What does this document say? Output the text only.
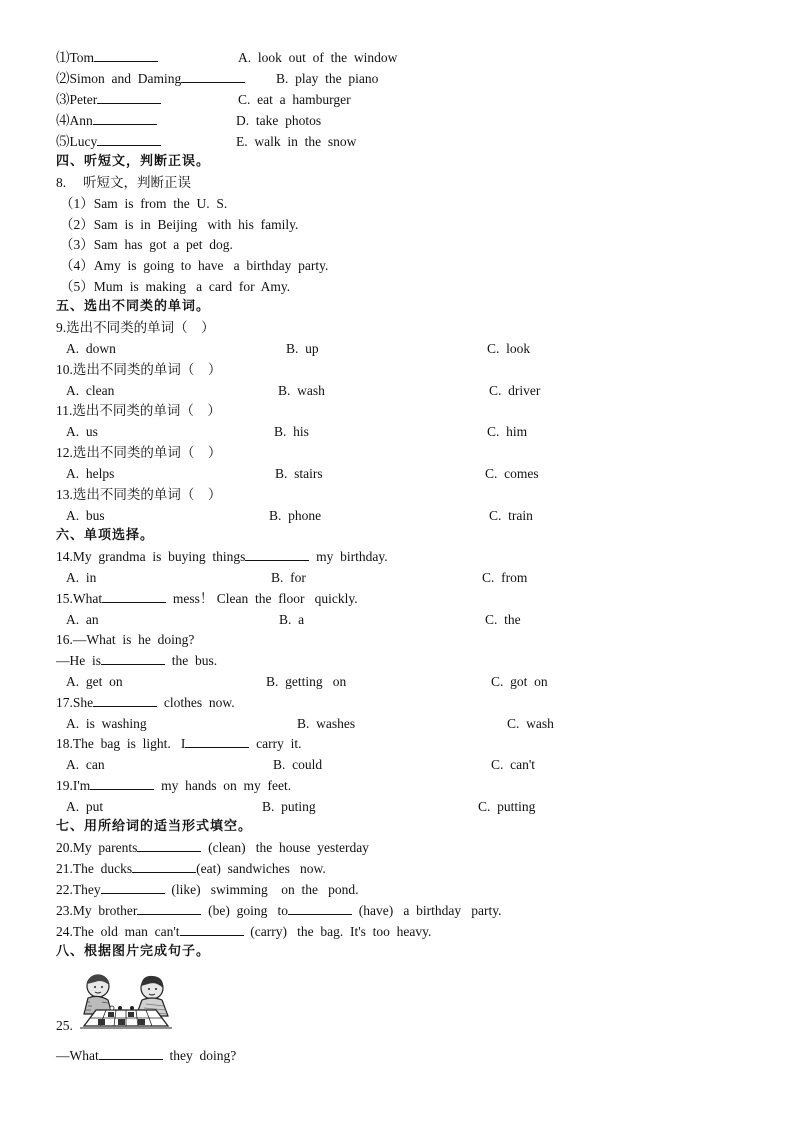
⑴Tom	A.  look  out  of  the  window
⑵Simon  and  Daming	B.  play  the  piano
⑶Peter	C.  eat  a  hamburger
⑷Ann	D.  take  photos
⑸Lucy	E.  walk  in  the  snow
四、听短文，判断正误。
8.     听短文，判断正误
（1）Sam  is  from  the  U.  S.
（2）Sam  is  in  Beijing   with  his  family.
（3）Sam  has  got  a  pet  dog.
（4）Amy  is  going  to  have   a  birthday  party.
（5）Mum  is  making   a  card  for  Amy.
五、选出不同类的单词。
9.选出不同类的单词（    ）
A.  down	B.  up	C.  look
10.选出不同类的单词（    ）
A.  clean	B.  wash	C.  driver
11.选出不同类的单词（    ）
A.  us	B.  his	C.  him
12.选出不同类的单词（    ）
A.  helps	B.  stairs	C.  comes
13.选出不同类的单词（    ）
A.  bus	B.  phone	C.  train
六、单项选择。
14.My  grandma  is  buying  things	my  birthday.
A.  in	B.  for	C.  from
15.What	mess！ Clean  the  floor   quickly.
A.  an	B.  a	C.  the
16.—What  is  he  doing?
—He  is	the  bus.
A.  get  on	B.  getting   on	C.  got  on
17.She	clothes  now.
A.  is  washing	B.  washes	C.  wash
18.The  bag  is  light.   I	carry  it.
A.  can	B.  could	C.  can't
19.I'm	my  hands  on  my  feet.
A.  put	B.  puting	C.  putting
七、用所给词的适当形式填空。
20.My  parents	(clean)   the  house  yesterday
21.The  ducks	(eat)  sandwiches   now.
22.They	(like)   swimming    on  the   pond.
23.My  brother	(be)  going   to	(have)   a  birthday   party.
24.The  old  man  can't	(carry)   the  bag.  It's  too  heavy.
八、根据图片完成句子。
25.
—What	they  doing?
